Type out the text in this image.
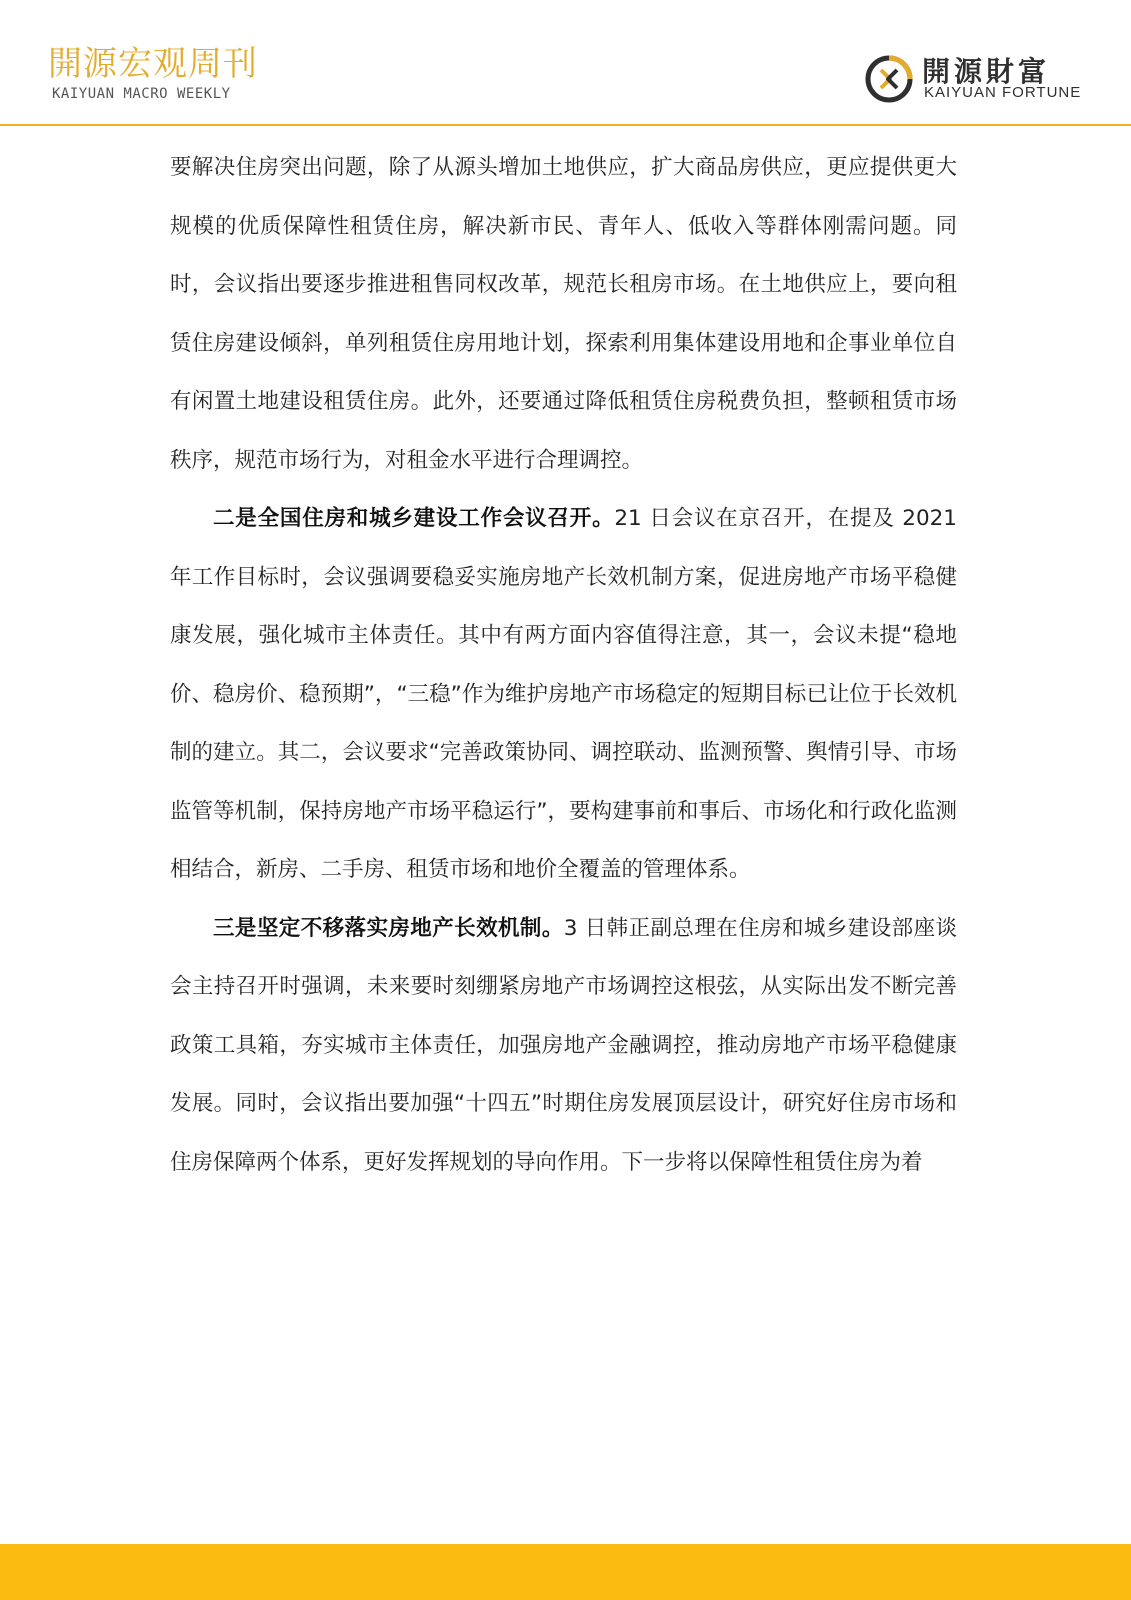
開源宏观周刊
KAIYUAN MACRO WEEKLY
開源財富
KAIYUAN FORTUNE

要解决住房突出问题，除了从源头增加土地供应，扩大商品房供应，更应提供更大规模的优质保障性租赁住房，解决新市民、青年人、低收入等群体刚需问题。同时，会议指出要逐步推进租售同权改革，规范长租房市场。在土地供应上，要向租赁住房建设倾斜，单列租赁住房用地计划，探索利用集体建设用地和企事业单位自有闲置土地建设租赁住房。此外，还要通过降低租赁住房税费负担，整顿租赁市场秩序，规范市场行为，对租金水平进行合理调控。

二是全国住房和城乡建设工作会议召开。21 日会议在京召开，在提及 2021 年工作目标时，会议强调要稳妥实施房地产长效机制方案，促进房地产市场平稳健康发展，强化城市主体责任。其中有两方面内容值得注意，其一，会议未提“稳地价、稳房价、稳预期”，“三稳”作为维护房地产市场稳定的短期目标已让位于长效机制的建立。其二，会议要求“完善政策协同、调控联动、监测预警、舆情引导、市场监管等机制，保持房地产市场平稳运行”，要构建事前和事后、市场化和行政化监测相结合，新房、二手房、租赁市场和地价全覆盖的管理体系。

三是坚定不移落实房地产长效机制。3 日韩正副总理在住房和城乡建设部座谈会主持召开时强调，未来要时刻绷紧房地产市场调控这根弦，从实际出发不断完善政策工具箱，夯实城市主体责任，加强房地产金融调控，推动房地产市场平稳健康发展。同时，会议指出要加强“十四五”时期住房发展顶层设计，研究好住房市场和住房保障两个体系，更好发挥规划的导向作用。下一步将以保障性租赁住房为着
